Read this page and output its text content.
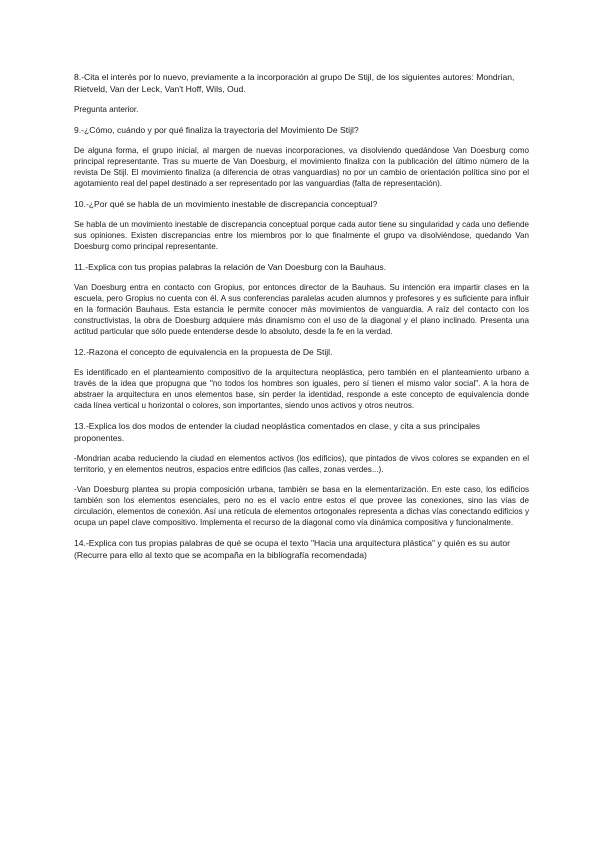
8.-Cita el interés por lo nuevo, previamente a la incorporación al grupo De Stijl, de los siguientes autores: Mondrian, Rietveld, Van der Leck, Van't Hoff, Wils, Oud.
Pregunta anterior.
9.-¿Cómo, cuándo y por qué finaliza la trayectoria del Movimiento De Stijl?
De alguna forma, el grupo inicial, al margen de nuevas incorporaciones, va disolviendo quedándose Van Doesburg como principal representante. Tras su muerte de Van Doesburg, el movimiento finaliza con la publicación del último número de la revista De Stijl. El movimiento finaliza (a diferencia de otras vanguardias) no por un cambio de orientación política sino por el agotamiento real del papel destinado a ser representado por las vanguardias (falta de representación).
10.-¿Por qué se habla de un movimiento inestable de discrepancia conceptual?
Se habla de un movimiento inestable de discrepancia conceptual porque cada autor tiene su singularidad y cada uno defiende sus opiniones. Existen discrepancias entre los miembros por lo que finalmente el grupo va disolviéndose, quedando Van Doesburg como principal representante.
11.-Explica con tus propias palabras la relación de Van Doesburg con la Bauhaus.
Van Doesburg entra en contacto con Gropius, por entonces director de la Bauhaus. Su intención era impartir clases en la escuela, pero Gropius no cuenta con él. A sus conferencias paralelas acuden alumnos y profesores y es suficiente para influir en la formación Bauhaus. Esta estancia le permite conocer más movimientos de vanguardia. A raíz del contacto con los constructivistas, la obra de Doesburg adquiere más dinamismo con el uso de la diagonal y el plano inclinado. Presenta una actitud particular que sólo puede entenderse desde lo absoluto, desde la fe en la verdad.
12.-Razona el concepto de equivalencia en la propuesta de De Stijl.
Es identificado en el planteamiento compositivo de la arquitectura neoplástica, pero también en el planteamiento urbano a través de la idea que propugna que "no todos los hombres son iguales, pero sí tienen el mismo valor social". A la hora de abstraer la arquitectura en unos elementos base, sin perder la identidad, responde a este concepto de equivalencia donde cada línea vertical u horizontal o colores, son importantes, siendo unos activos y otros neutros.
13.-Explica los dos modos de entender la ciudad neoplástica comentados en clase, y cita a sus principales proponentes.
-Mondrian acaba reduciendo la ciudad en elementos activos (los edificios), que pintados de vivos colores se expanden en el territorio, y en elementos neutros, espacios entre edificios (las calles, zonas verdes...).
-Van Doesburg plantea su propia composición urbana, también se basa en la elementarización. En este caso, los edificios también son los elementos esenciales, pero no es el vacío entre estos el que provee las conexiones, sino las vías de circulación, elementos de conexión. Así una retícula de elementos ortogonales representa a dichas vías conectando edificios y ocupa un papel clave compositivo. Implementa el recurso de la diagonal como vía dinámica compositiva y funcionalmente.
14.-Explica con tus propias palabras de qué se ocupa el texto "Hacia una arquitectura plástica" y quién es su autor (Recurre para ello al texto que se acompaña en la bibliografía recomendada)
